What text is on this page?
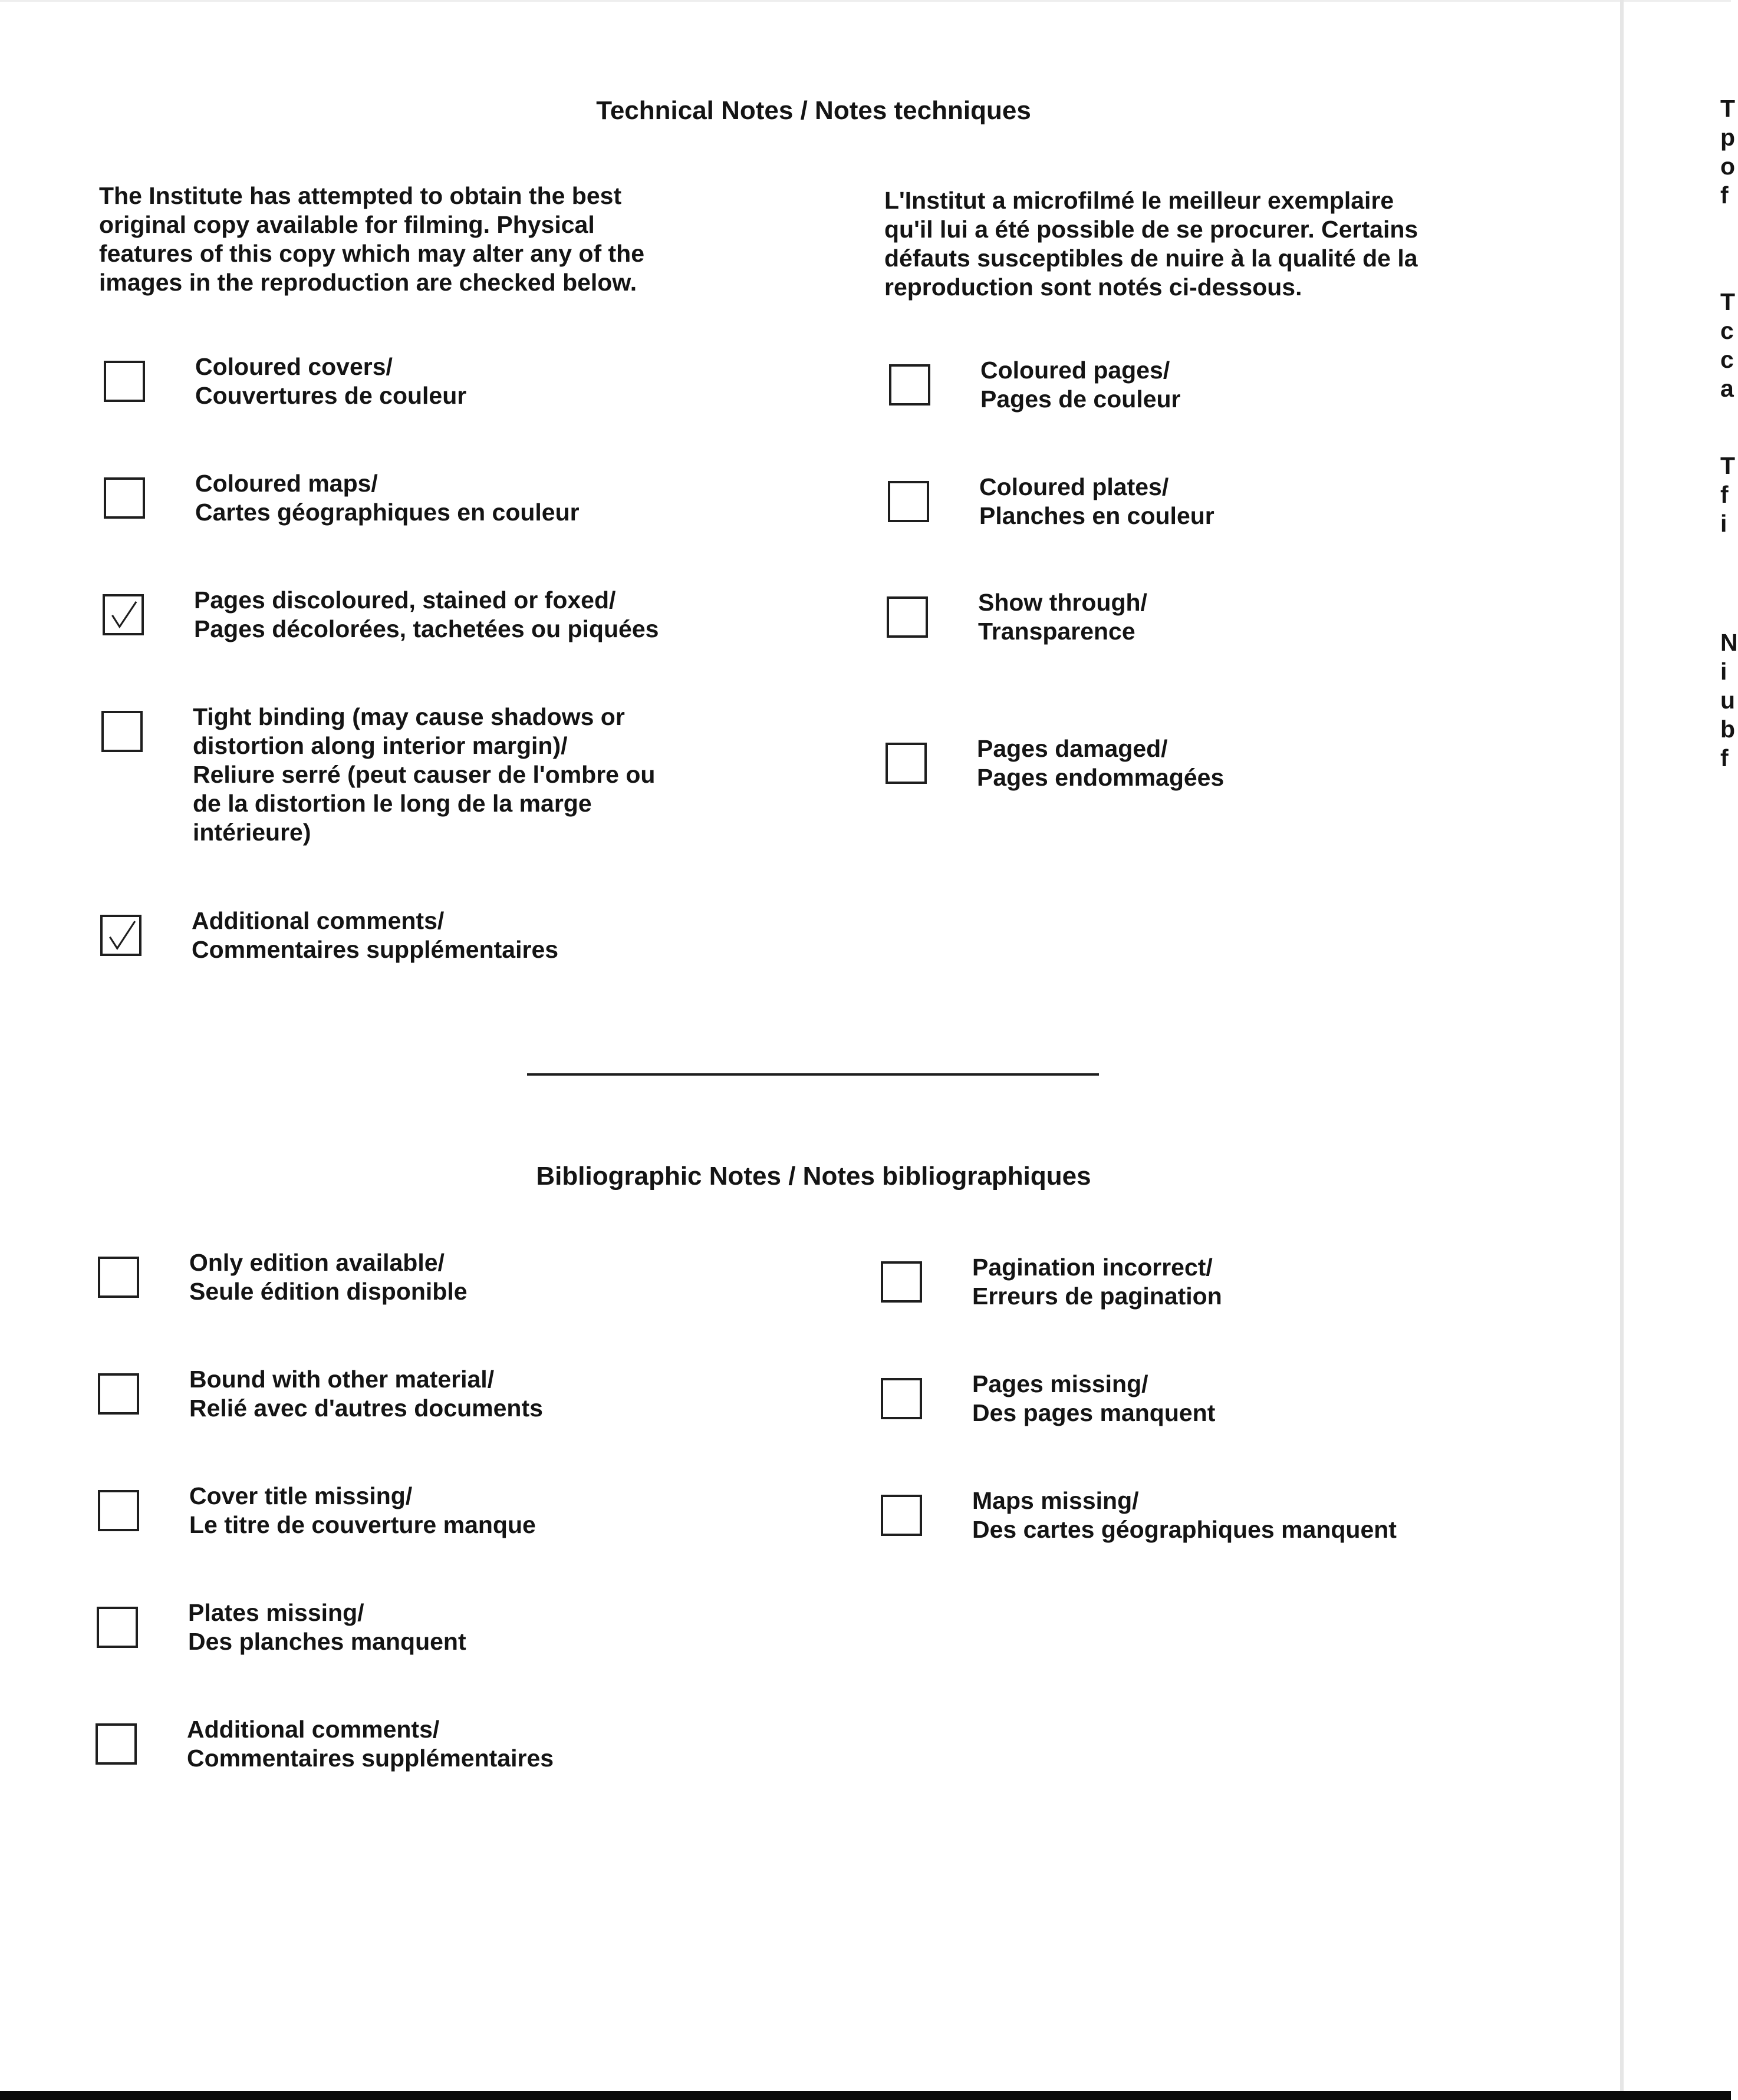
Technical Notes / Notes techniques
The Institute has attempted to obtain the best
original copy available for filming. Physical
features of this copy which may alter any of the
images in the reproduction are checked below.
L'Institut a microfilmé le meilleur exemplaire
qu'il lui a été possible de se procurer. Certains
défauts susceptibles de nuire à la qualité de la
reproduction sont notés ci-dessous.
Coloured covers/
Couvertures de couleur
Coloured maps/
Cartes géographiques en couleur
Pages discoloured, stained or foxed/
Pages décolorées, tachetées ou piquées
Tight binding (may cause shadows or
distortion along interior margin)/
Reliure serré (peut causer de l'ombre ou
de la distortion le long de la marge
intérieure)
Additional comments/
Commentaires supplémentaires
Coloured pages/
Pages de couleur
Coloured plates/
Planches en couleur
Show through/
Transparence
Pages damaged/
Pages endommagées
Bibliographic Notes / Notes bibliographiques
Only edition available/
Seule édition disponible
Bound with other material/
Relié avec d'autres documents
Cover title missing/
Le titre de couverture manque
Plates missing/
Des planches manquent
Additional comments/
Commentaires supplémentaires
Pagination incorrect/
Erreurs de pagination
Pages missing/
Des pages manquent
Maps missing/
Des cartes géographiques manquent
T
p
o
f
T
c
c
a
T
f
i
N
i
u
b
f
